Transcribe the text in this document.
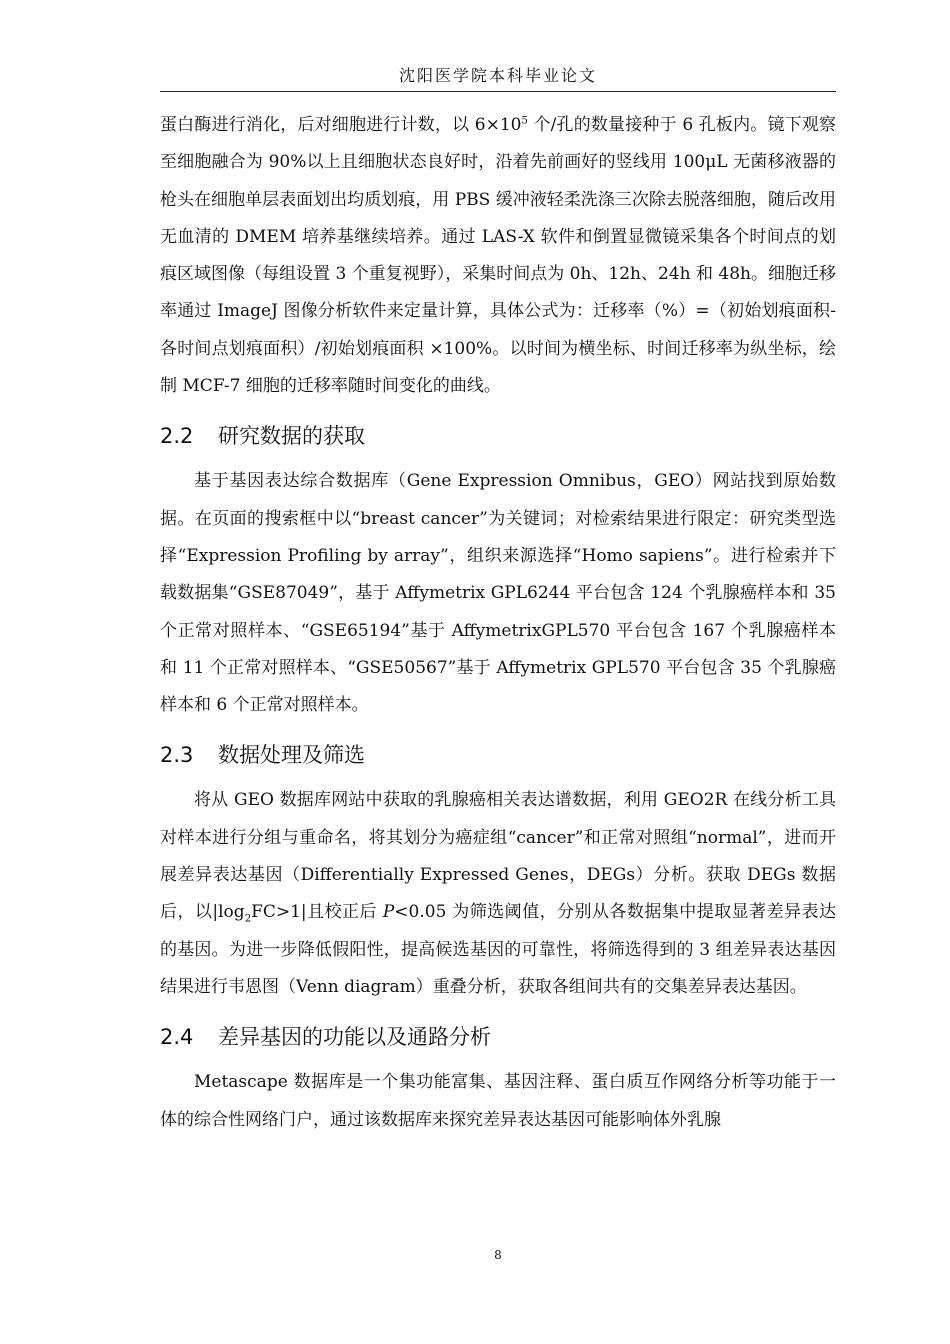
沈阳医学院本科毕业论文

蛋白酶进行消化，后对细胞进行计数，以 $6\times 10^5$ 个/孔的数量接种于 6 孔板内。镜下观察至细胞融合为 90%以上且细胞状态良好时，沿着先前画好的竖线用 100μL 无菌移液器的枪头在细胞单层表面划出均质划痕，用 PBS 缓冲液轻柔洗涤三次除去脱落细胞，随后改用无血清的 DMEM 培养基继续培养。通过 LAS-X 软件和倒置显微镜采集各个时间点的划痕区域图像（每组设置 3 个重复视野），采集时间点为 0h、12h、24h 和 48h。细胞迁移率通过 ImageJ 图像分析软件来定量计算，具体公式为：迁移率（%）=（初始划痕面积-各时间点划痕面积）/初始划痕面积 ×100%。以时间为横坐标、时间迁移率为纵坐标，绘制 MCF-7 细胞的迁移率随时间变化的曲线。

2.2 研究数据的获取

基于基因表达综合数据库（Gene Expression Omnibus，GEO）网站找到原始数据。在页面的搜索框中以“breast cancer”为关键词；对检索结果进行限定：研究类型选择“Expression Profiling by array”，组织来源选择“Homo sapiens”。进行检索并下载数据集“GSE87049”，基于 Affymetrix GPL6244 平台包含 124 个乳腺癌样本和 35 个正常对照样本、“GSE65194”基于 AffymetrixGPL570 平台包含 167 个乳腺癌样本和 11 个正常对照样本、“GSE50567”基于 Affymetrix GPL570 平台包含 35 个乳腺癌样本和 6 个正常对照样本。

2.3 数据处理及筛选

将从 GEO 数据库网站中获取的乳腺癌相关表达谱数据，利用 GEO2R 在线分析工具对样本进行分组与重命名，将其划分为癌症组“cancer”和正常对照组“normal”，进而开展差异表达基因（Differentially Expressed Genes，DEGs）分析。获取 DEGs 数据后，以$|\log_2FC>1|$且校正后 P<0.05 为筛选阈值，分别从各数据集中提取显著差异表达的基因。为进一步降低假阳性，提高候选基因的可靠性，将筛选得到的 3 组差异表达基因结果进行韦恩图（Venn diagram）重叠分析，获取各组间共有的交集差异表达基因。

2.4 差异基因的功能以及通路分析

Metascape 数据库是一个集功能富集、基因注释、蛋白质互作网络分析等功能于一体的综合性网络门户，通过该数据库来探究差异表达基因可能影响体外乳腺

8
